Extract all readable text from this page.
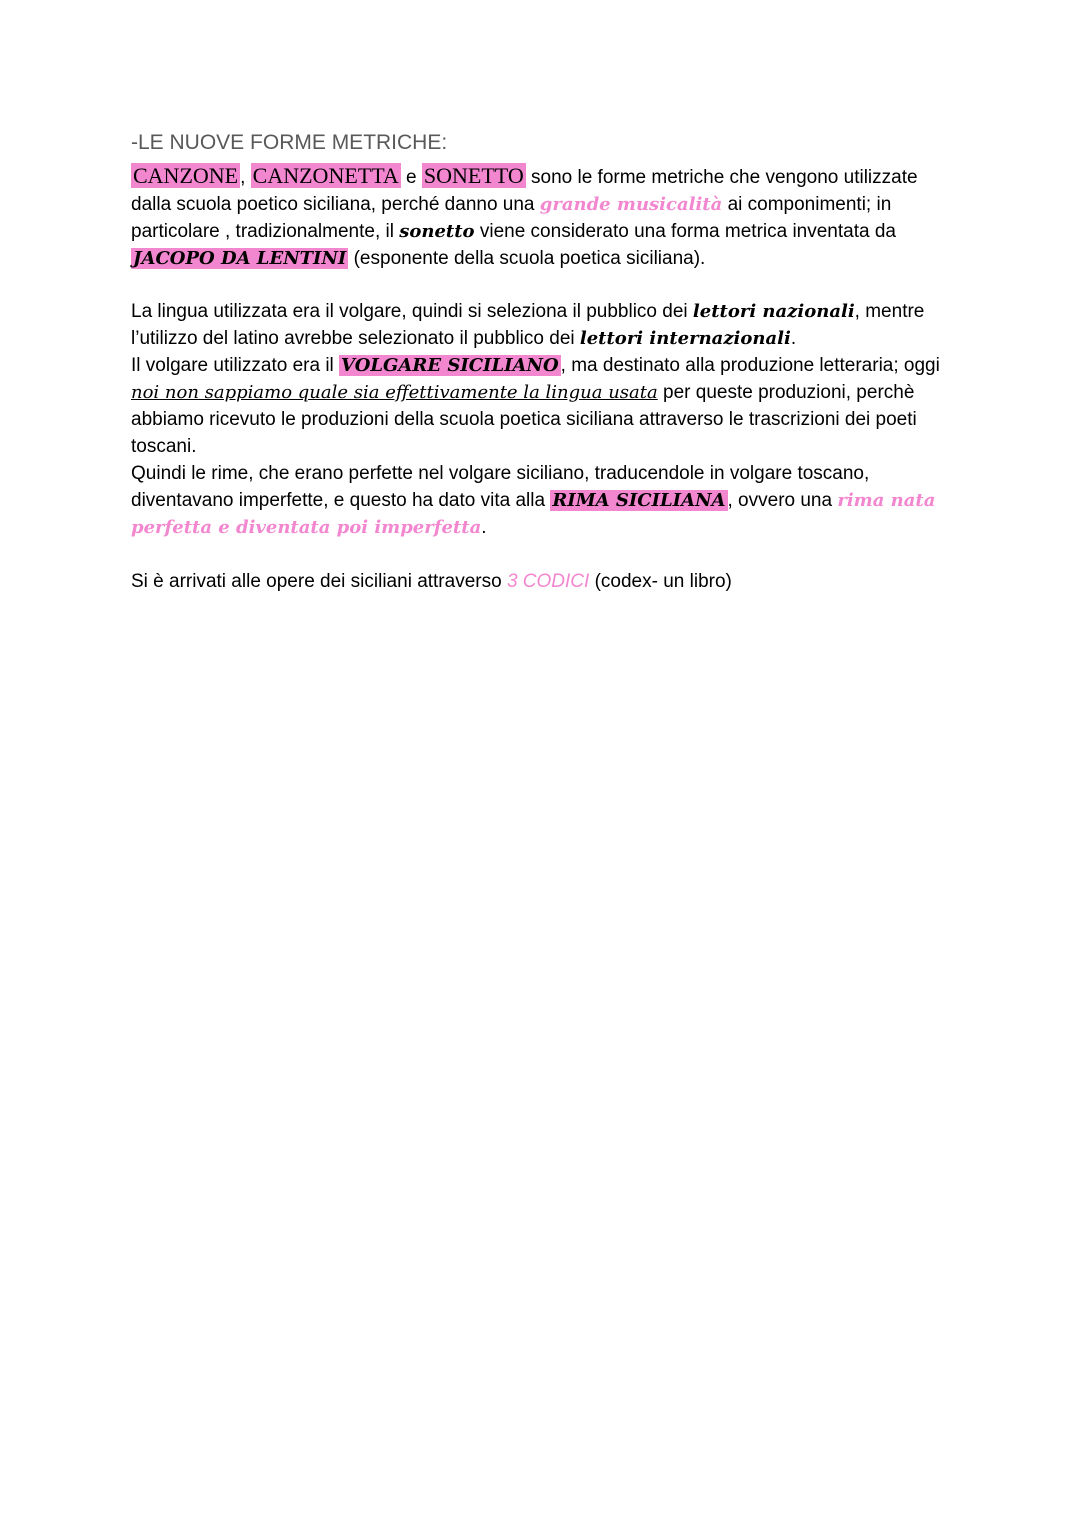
-LE NUOVE FORME METRICHE:

CANZONE , CANZONETTA e SONETTO sono le forme metriche che vengono utilizzate dalla scuola poetico siciliana, perché danno una grande musicalità ai componimenti; in particolare , tradizionalmente, il sonetto viene considerato una forma metrica inventata da JACOPO DA LENTINI (esponente della scuola poetica siciliana).

La lingua utilizzata era il volgare, quindi si seleziona il pubblico dei lettori nazionali, mentre l’utilizzo del latino avrebbe selezionato il pubblico dei lettori internazionali.

Il volgare utilizzato era il VOLGARE SICILIANO , ma destinato alla produzione letteraria; oggi noi non sappiamo quale sia effettivamente la lingua usata per queste produzioni, perchè abbiamo ricevuto le produzioni della scuola poetica siciliana attraverso le trascrizioni dei poeti toscani.

Quindi le rime, che erano perfette nel volgare siciliano, traducendole in volgare toscano, diventavano imperfette, e questo ha dato vita alla RIMA SICILIANA , ovvero una rima nata perfetta e diventata poi imperfetta.

Si è arrivati alle opere dei siciliani attraverso 3 CODICI (codex- un libro)
